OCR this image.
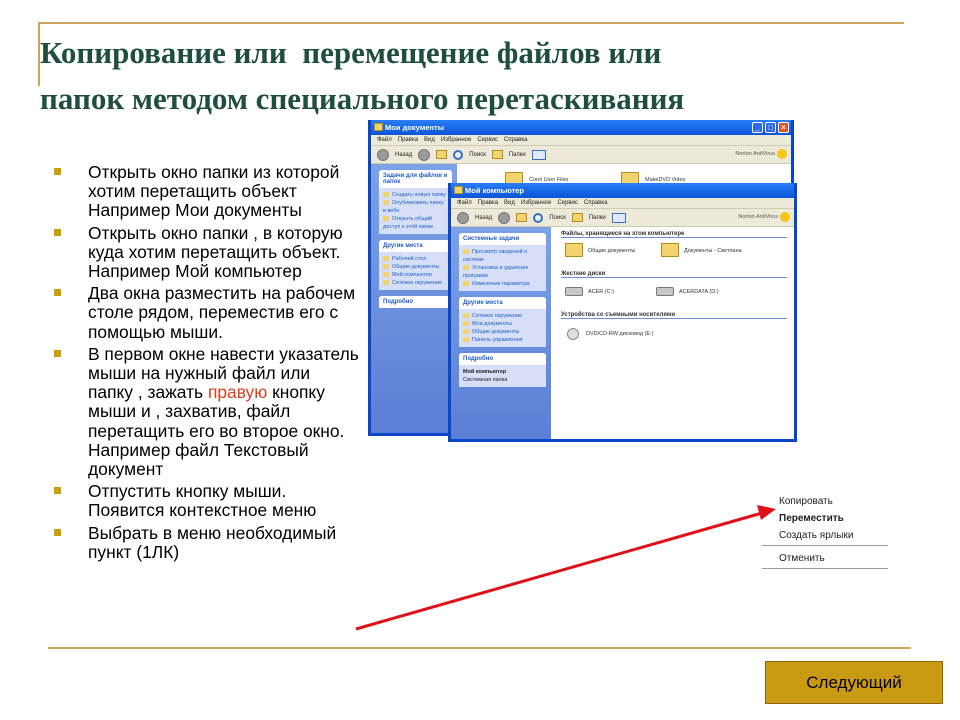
Копирование или  перемещение файлов или
папок методом специального перетаскивания
Открыть окно папки из которой хотим перетащить объект Например Мои документы
Открыть окно папки , в которую куда хотим перетащить объект. Например Мой компьютер
Два окна разместить на рабочем столе рядом, переместив его с помощью мыши.
В первом окне навести указатель мыши на нужный файл или папку , зажать правую кнопку мыши и , захватив, файл перетащить его во второе окно. Например файл Текстовый документ
Отпустить кнопку мыши. Появится контекстное меню
Выбрать в меню необходимый пункт (1ЛК)
Мои документы	_	□	×
Файл Правка Вид Избранное Сервис Справка
Назад	Поиск	Папки	Norton AntiVirus
Задачи для файлов и папок
Создать новую папку
Опубликовать папку в вебе
Открыть общий доступ к этой папке
Другие места
Рабочий стол
Общие документы
Мой компьютер
Сетевое окружение
Подробно
Corel User Files	MakeDVD Video
Мой компьютер
Файл Правка Вид Избранное Сервис Справка
Назад	Поиск	Папки	Norton AntiVirus
Системные задачи
Просмотр сведений о системе
Установка и удаление программ
Изменение параметра
Другие места
Сетевое окружение
Мои документы
Общие документы
Панель управления
Подробно
Мой компьютер
Системная папка
Файлы, хранящиеся на этом компьютере
Общие документы	Документы - Светлана
Жесткие диски
ACER (C:)	ACERDATA (D:)
Устройства со съемными носителями
DVD/CD-RW дисковод (E:)
Копировать
Переместить
Создать ярлыки
Отменить
Следующий
